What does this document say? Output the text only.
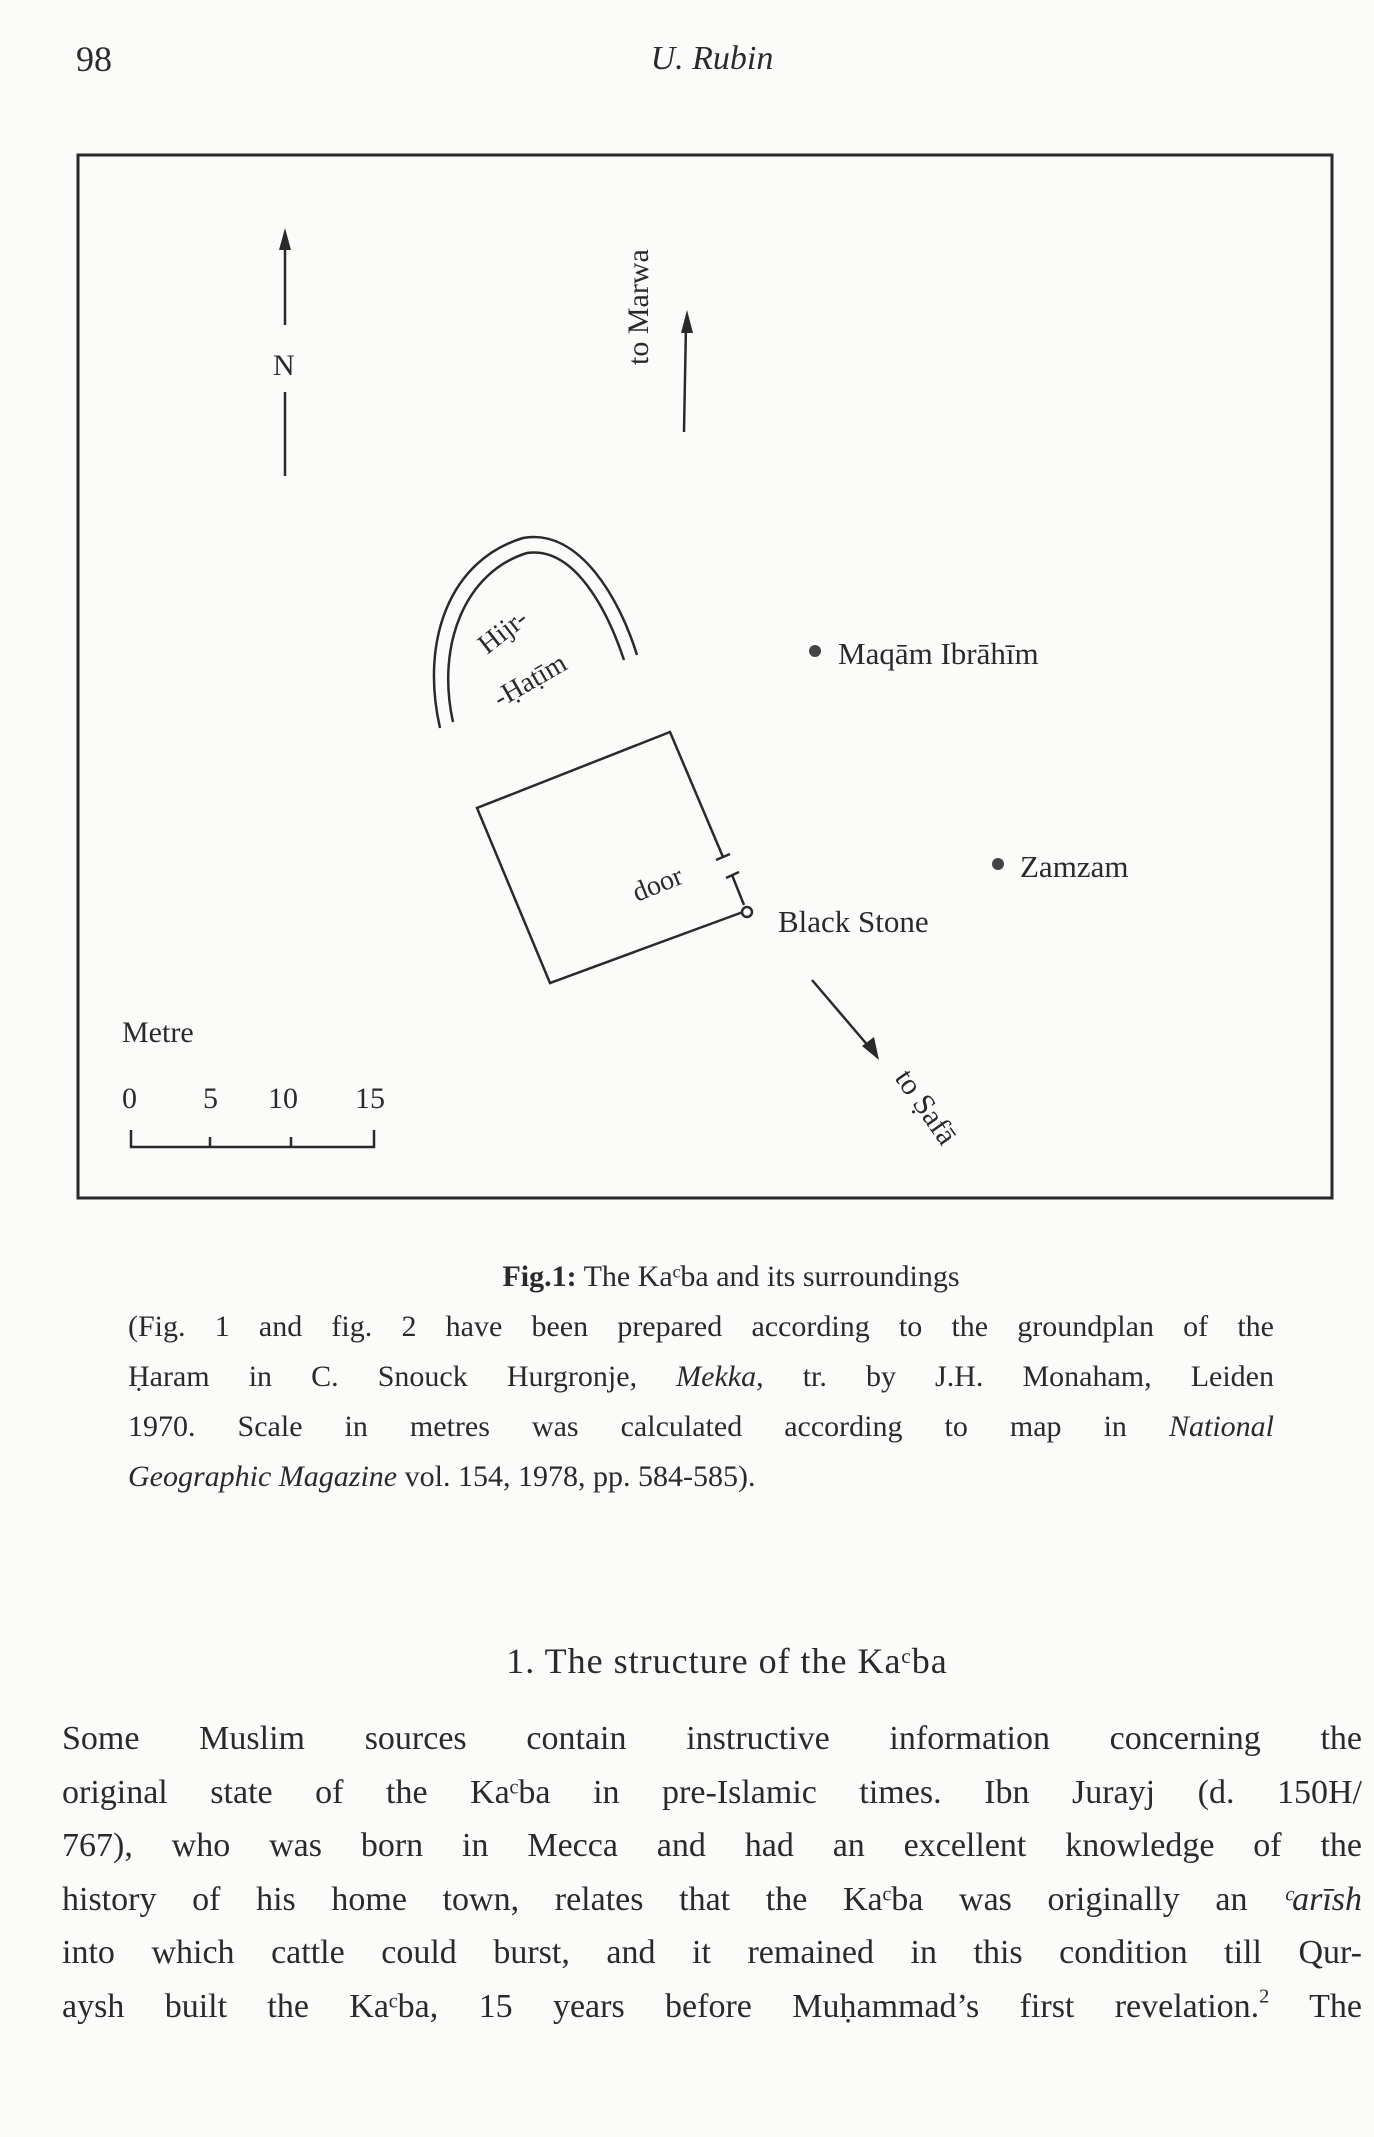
98	U. Rubin
N
to Marwa
Hijr-
-Ḥaṭīm	Maqām Ibrāhīm
Zamzam
door
Black Stone
to Ṣafā
Metre
0 5 10 15
Fig.1: The Kaᶜba and its surroundings
(Fig. 1 and fig. 2 have been prepared according to the groundplan of the
Ḥaram in C. Snouck Hurgronje, Mekka, tr. by J.H. Monaham, Leiden
1970. Scale in metres was calculated according to map in National
Geographic Magazine vol. 154, 1978, pp. 584-585).
1. The structure of the Kaᶜba
Some Muslim sources contain instructive information concerning the
original state of the Kaᶜba in pre-Islamic times. Ibn Jurayj (d. 150H/
767), who was born in Mecca and had an excellent knowledge of the
history of his home town, relates that the Kaᶜba was originally an ᶜarīsh
into which cattle could burst, and it remained in this condition till Qur-
aysh built the Kaᶜba, 15 years before Muḥammad’s first revelation.$^2$ The
